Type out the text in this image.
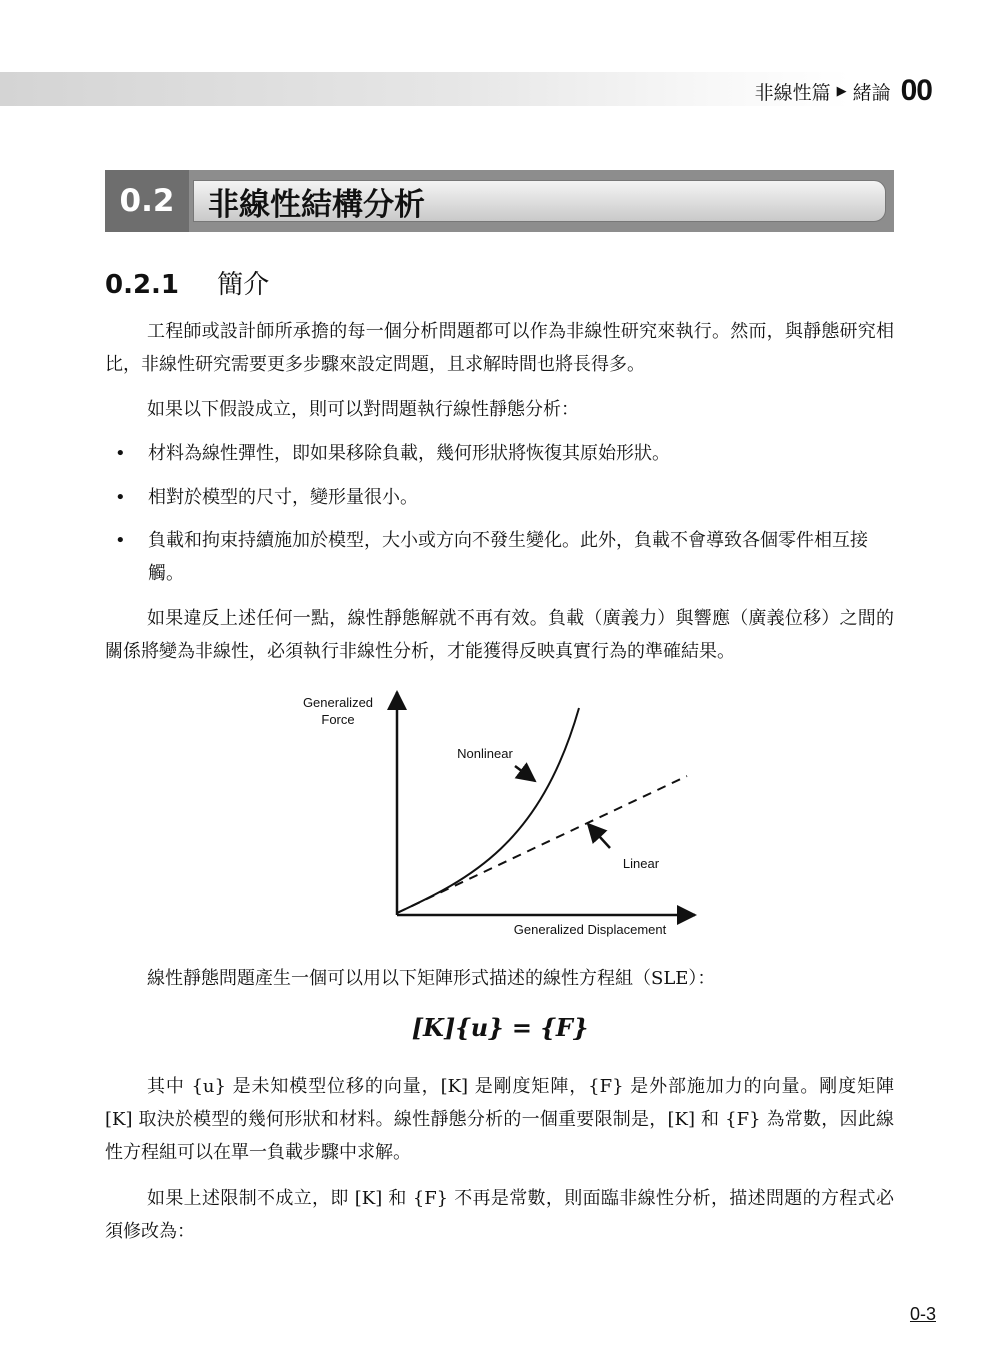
非線性篇 ▶ 緒論 00
0.2	非線性結構分析
0.2.1 簡介

工程師或設計師所承擔的每一個分析問題都可以作為非線性研究來執行。然而，與靜態研究相比，非線性研究需要更多步驟來設定問題，且求解時間也將長得多。

如果以下假設成立，則可以對問題執行線性靜態分析：

• 材料為線性彈性，即如果移除負載，幾何形狀將恢復其原始形狀。
• 相對於模型的尺寸，變形量很小。
• 負載和拘束持續施加於模型，大小或方向不發生變化。此外，負載不會導致各個零件相互接觸。

如果違反上述任何一點，線性靜態解就不再有效。負載（廣義力）與響應（廣義位移）之間的關係將變為非線性，必須執行非線性分析，才能獲得反映真實行為的準確結果。

Generalized
Force
Nonlinear
Linear
Generalized Displacement

線性靜態問題產生一個可以用以下矩陣形式描述的線性方程組（SLE）：

[K]{u} = {F}

其中 {u} 是未知模型位移的向量，[K] 是剛度矩陣，{F} 是外部施加力的向量。剛度矩陣 [K] 取決於模型的幾何形狀和材料。線性靜態分析的一個重要限制是，[K] 和 {F} 為常數，因此線性方程組可以在單一負載步驟中求解。

如果上述限制不成立，即 [K] 和 {F} 不再是常數，則面臨非線性分析，描述問題的方程式必須修改為：

0-3
